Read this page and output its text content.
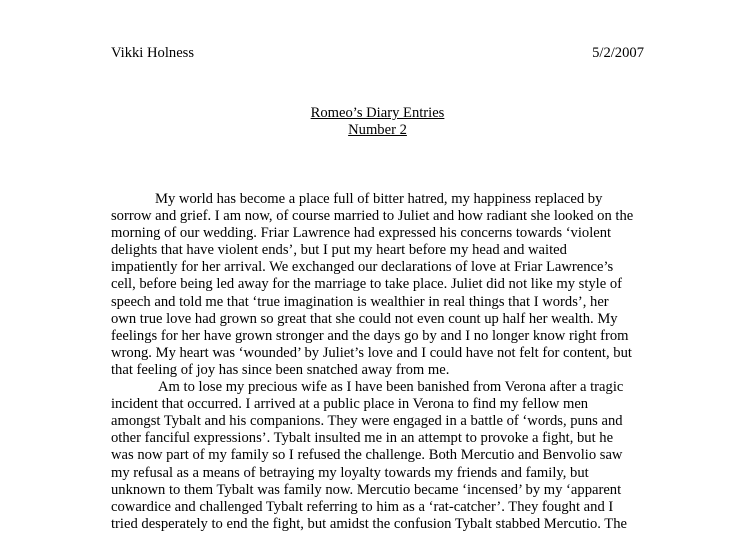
Vikki Holness	5/2/2007
Romeo’s Diary Entries
Number 2
My world has become a place full of bitter hatred, my happiness replaced by
sorrow and grief. I am now, of course married to Juliet and how radiant she looked on the
morning of our wedding. Friar Lawrence had expressed his concerns towards ‘violent
delights that have violent ends’, but I put my heart before my head and waited
impatiently for her arrival. We exchanged our declarations of love at Friar Lawrence’s
cell, before being led away for the marriage to take place. Juliet did not like my style of
speech and told me that ‘true imagination is wealthier in real things that I words’, her
own true love had grown so great that she could not even count up half her wealth. My
feelings for her have grown stronger and the days go by and I no longer know right from
wrong. My heart was ‘wounded’ by Juliet’s love and I could have not felt for content, but
that feeling of joy has since been snatched away from me.
Am to lose my precious wife as I have been banished from Verona after a tragic
incident that occurred. I arrived at a public place in Verona to find my fellow men
amongst Tybalt and his companions. They were engaged in a battle of ‘words, puns and
other fanciful expressions’. Tybalt insulted me in an attempt to provoke a fight, but he
was now part of my family so I refused the challenge. Both Mercutio and Benvolio saw
my refusal as a means of betraying my loyalty towards my friends and family, but
unknown to them Tybalt was family now. Mercutio became ‘incensed’ by my ‘apparent
cowardice and challenged Tybalt referring to him as a ‘rat-catcher’. They fought and I
tried desperately to end the fight, but amidst the confusion Tybalt stabbed Mercutio. The
